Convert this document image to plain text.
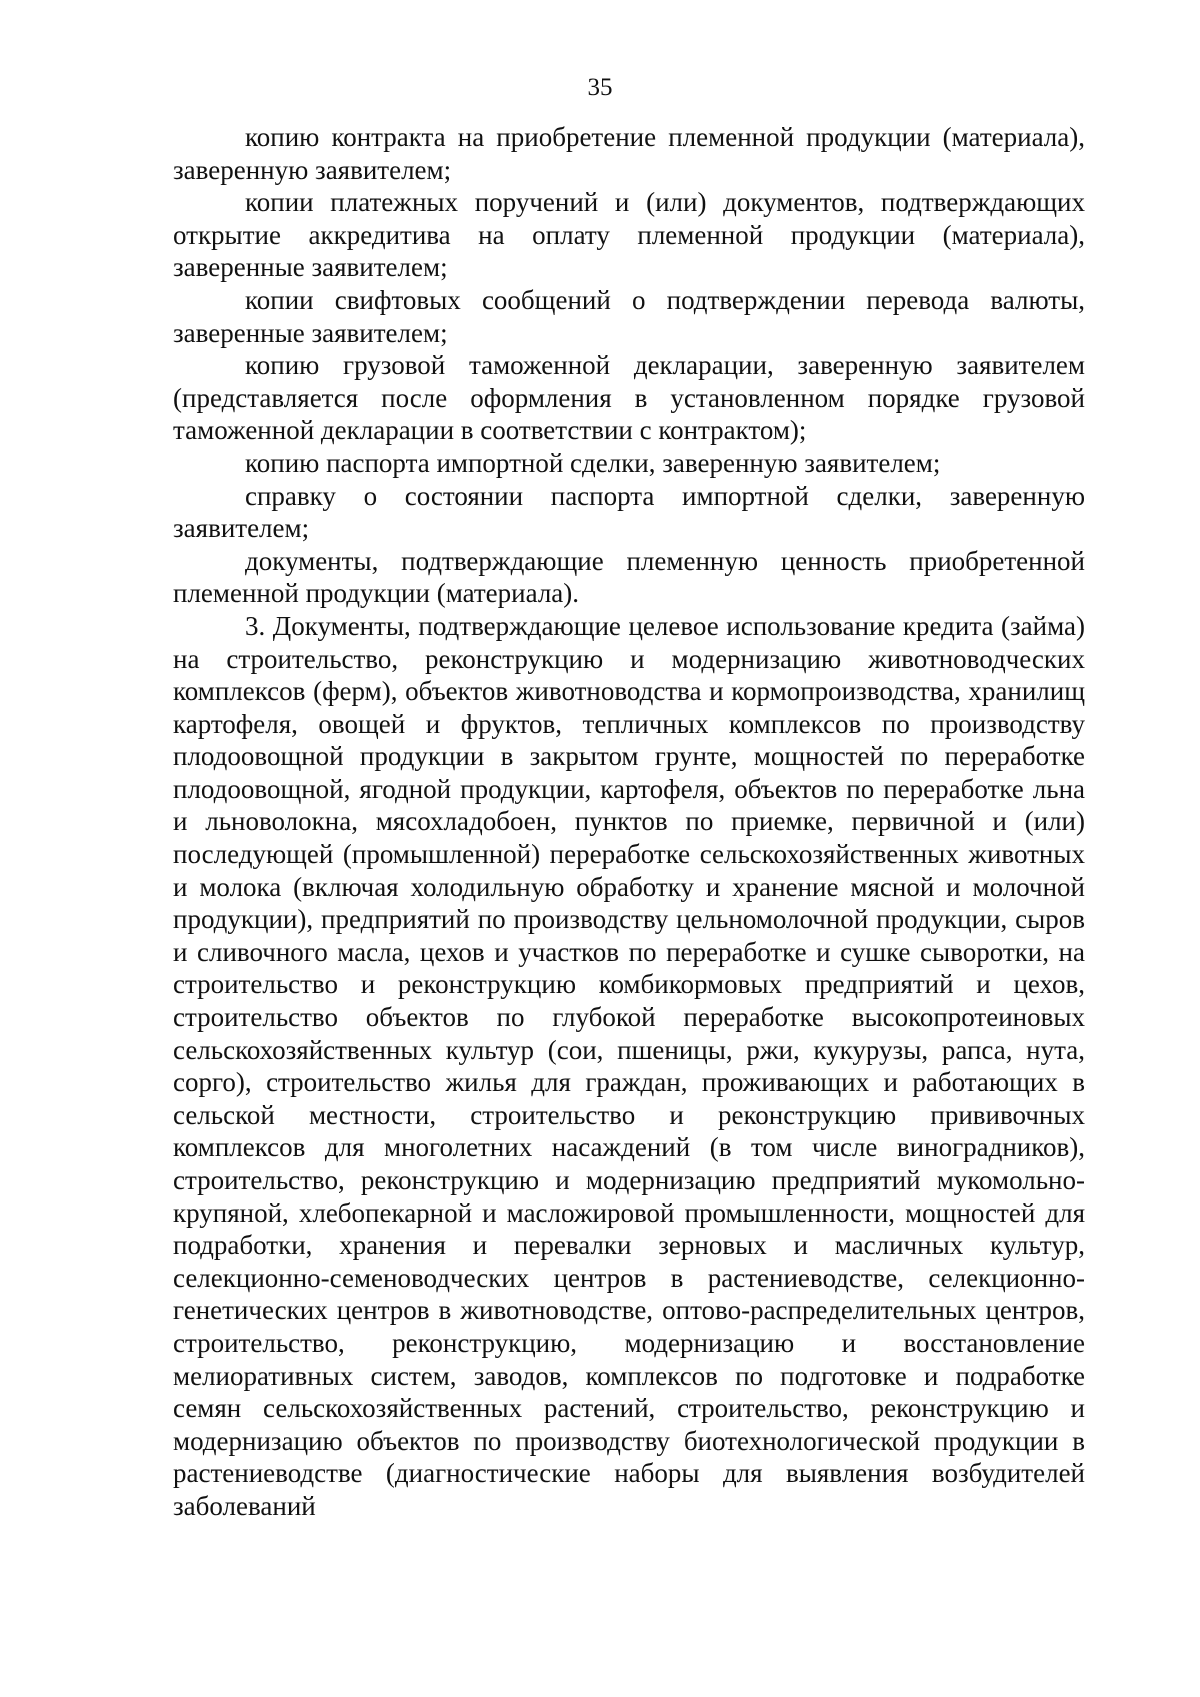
35

копию контракта на приобретение племенной продукции (материала), заверенную заявителем;

копии платежных поручений и (или) документов, подтверждающих открытие аккредитива на оплату племенной продукции (материала), заверенные заявителем;

копии свифтовых сообщений о подтверждении перевода валюты, заверенные заявителем;

копию грузовой таможенной декларации, заверенную заявителем (представляется после оформления в установленном порядке грузовой таможенной декларации в соответствии с контрактом);

копию паспорта импортной сделки, заверенную заявителем;

справку о состоянии паспорта импортной сделки, заверенную заявителем;

документы, подтверждающие племенную ценность приобретенной племенной продукции (материала).

3. Документы, подтверждающие целевое использование кредита (займа) на строительство, реконструкцию и модернизацию животноводческих комплексов (ферм), объектов животноводства и кормопроизводства, хранилищ картофеля, овощей и фруктов, тепличных комплексов по производству плодоовощной продукции в закрытом грунте, мощностей по переработке плодоовощной, ягодной продукции, картофеля, объектов по переработке льна и льноволокна, мясохладобоен, пунктов по приемке, первичной и (или) последующей (промышленной) переработке сельскохозяйственных животных и молока (включая холодильную обработку и хранение мясной и молочной продукции), предприятий по производству цельномолочной продукции, сыров и сливочного масла, цехов и участков по переработке и сушке сыворотки, на строительство и реконструкцию комбикормовых предприятий и цехов, строительство объектов по глубокой переработке высокопротеиновых сельскохозяйственных культур (сои, пшеницы, ржи, кукурузы, рапса, нута, сорго), строительство жилья для граждан, проживающих и работающих в сельской местности, строительство и реконструкцию прививочных комплексов для многолетних насаждений (в том числе виноградников), строительство, реконструкцию и модернизацию предприятий мукомольно-крупяной, хлебопекарной и масложировой промышленности, мощностей для подработки, хранения и перевалки зерновых и масличных культур, селекционно-семеноводческих центров в растениеводстве, селекционно-генетических центров в животноводстве, оптово-распределительных центров, строительство, реконструкцию, модернизацию и восстановление мелиоративных систем, заводов, комплексов по подготовке и подработке семян сельскохозяйственных растений, строительство, реконструкцию и модернизацию объектов по производству биотехнологической продукции в растениеводстве (диагностические наборы для выявления возбудителей заболеваний
